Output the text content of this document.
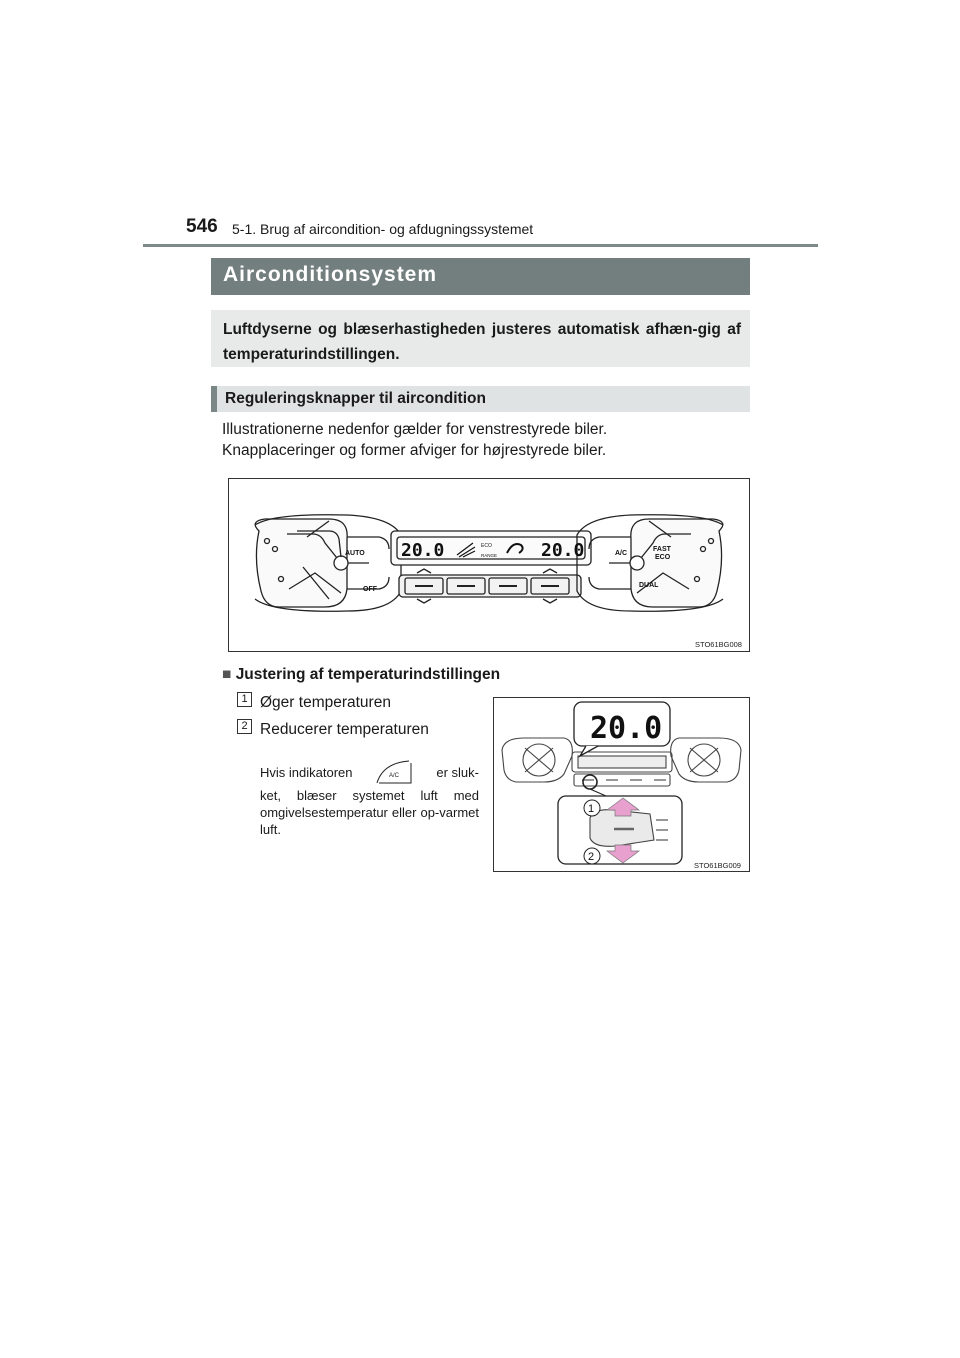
546 5-1. Brug af aircondition- og afdugningssystemet
Airconditionsystem
Luftdyserne og blæserhastigheden justeres automatisk afhæn-gig af temperaturindstillingen.
Reguleringsknapper til aircondition
Illustrationerne nedenfor gælder for venstrestyrede biler.
Knapplaceringer og former afviger for højrestyrede biler.
20.0	20.0
ECO
RANGE
AUTO
OFF
A/C
FAST
ECO
DUAL
STO61BG008
■ Justering af temperaturindstillingen
1 Øger temperaturen
2 Reducerer temperaturen
Hvis indikatoren	A/C	er sluk-
ket, blæser systemet luft med omgivelsestemperatur eller op-varmet luft.
1
2
20.0
STO61BG009
